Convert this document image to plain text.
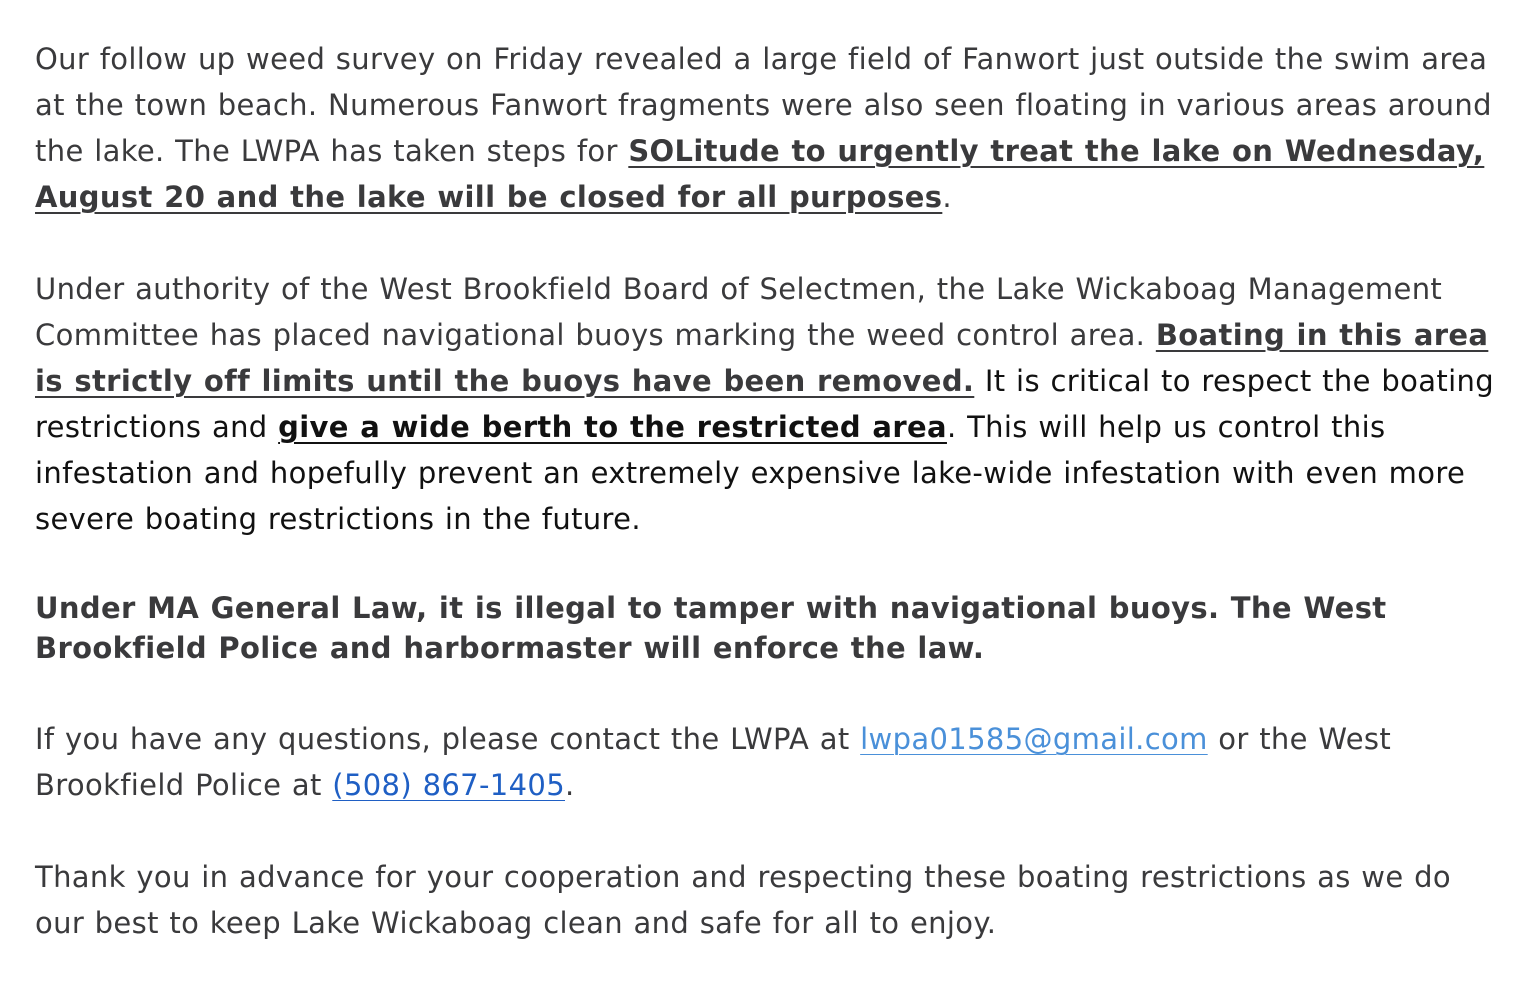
Our follow up weed survey on Friday revealed a large field of Fanwort just outside the swim area at the town beach. Numerous Fanwort fragments were also seen floating in various areas around the lake. The LWPA has taken steps for SOLitude to urgently treat the lake on Wednesday, August 20 and the lake will be closed for all purposes.

Under authority of the West Brookfield Board of Selectmen, the Lake Wickaboag Management Committee has placed navigational buoys marking the weed control area. Boating in this area is strictly off limits until the buoys have been removed. It is critical to respect the boating restrictions and give a wide berth to the restricted area. This will help us control this infestation and hopefully prevent an extremely expensive lake-wide infestation with even more severe boating restrictions in the future.

Under MA General Law, it is illegal to tamper with navigational buoys. The West Brookfield Police and harbormaster will enforce the law.

If you have any questions, please contact the LWPA at lwpa01585@gmail.com or the West Brookfield Police at (508) 867-1405.

Thank you in advance for your cooperation and respecting these boating restrictions as we do our best to keep Lake Wickaboag clean and safe for all to enjoy.
